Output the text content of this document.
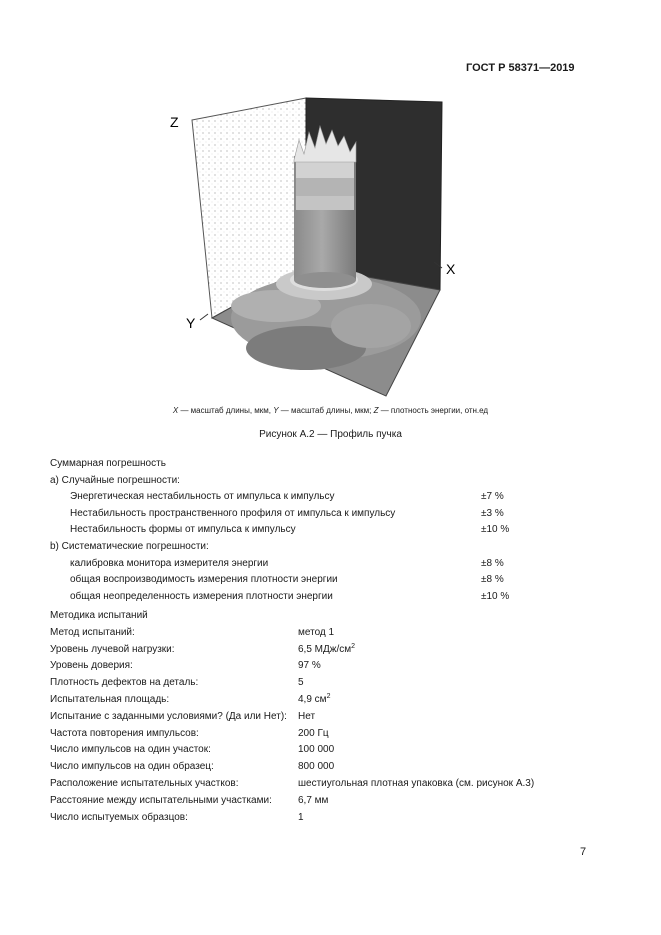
ГОСТ Р 58371—2019
Z
X
Y
X — масштаб длины, мкм, Y — масштаб длины, мкм; Z — плотность энергии, отн.ед
Рисунок А.2 — Профиль пучка
Суммарная погрешность
а) Случайные погрешности:
Энергетическая нестабильность от импульса к импульсу	±7 %
Нестабильность пространственного профиля от импульса к импульсу	±3 %
Нестабильность формы от импульса к импульсу	±10 %
b) Систематические погрешности:
калибровка монитора измерителя энергии	±8 %
общая воспроизводимость измерения плотности энергии	±8 %
общая неопределенность измерения плотности энергии	±10 %
Методика испытаний
Метод испытаний:	метод 1
Уровень лучевой нагрузки:	6,5 МДж/$см^2$
Уровень доверия:	97 %
Плотность дефектов на деталь:	5
Испытательная площадь:	4,9 $см^2$
Испытание с заданными условиями? (Да или Нет): Нет
Частота повторения импульсов:	200 Гц
Число импульсов на один участок:	100 000
Число импульсов на один образец:	800 000
Расположение испытательных участков:	шестиугольная плотная упаковка (см. рисунок А.3)
Расстояние между испытательными участками:	6,7 мм
Число испытуемых образцов:	1
7
